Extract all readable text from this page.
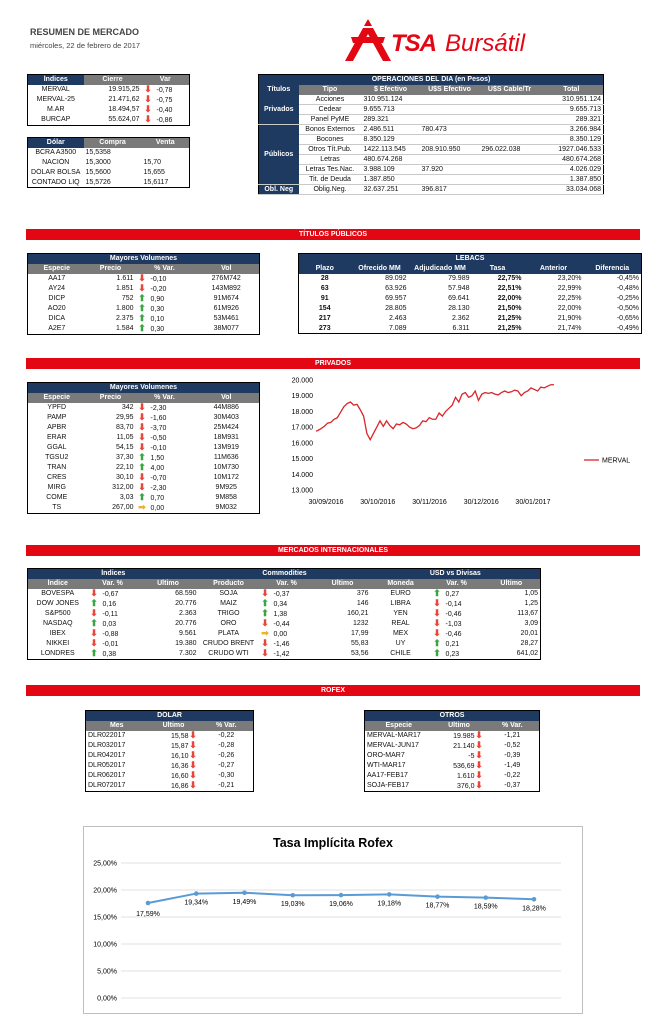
RESUMEN DE MERCADO
miércoles, 22 de febrero de 2017	TSA Bursátil
Índices	Cierre	Var
MERVAL	19.915,25	⬇ -0,78
MERVAL-25	21.471,62	⬇ -0,75
M.AR	18.494,57	⬇ -0,40
BURCAP	55.624,07	⬇ -0,86
Dólar	Compra	Venta
BCRA A3500	15,5358	
NACIÓN	15,3000	15,70
DÓLAR BOLSA	15,5600	15,655
CONTADO LIQ	15,5726	15,6117
OPERACIONES DEL DIA (en Pesos)					
Títulos	Tipo	$ Efectivo	U$S Efectivo	U$S Cable/Tr	Total
Privados	Acciones	310.951.124			310.951.124
	Cedear	9.655.713			9.655.713
	Panel PyME	289.321			289.321
Públicos	Bonos Externos	2.486.511	780.473		3.266.984
	Bocones	8.350.129			8.350.129
	Otros Tít.Pub.	1422.113.545	208.910.950	296.022.038	1927.046.533
	Letras	480.674.268			480.674.268
	Letras Tes.Nac.	3.988.109	37.920		4.026.029
	Tit. de Deuda	1.387.850			1.387.850
Obl. Neg	Oblig.Neg.	32.637.251	396.817		33.034.068
TÍTULOS PÚBLICOS
PRIVADOS
MERCADOS INTERNACIONALES
ROFEX
Mayores Volumenes			
Especie	Precio	% Var.	Vol
AA17	1.611	⬇ -0,10	276M742
AY24	1.851	⬇ -0,20	143M892
DICP	752	⬆ 0,90	91M674
AO20	1.800	⬆ 0,30	61M926
DICA	2.375	⬆ 0,10	53M461
A2E7	1.584	⬆ 0,30	38M077
LEBACS					
Plazo	Ofrecido MM	Adjudicado MM	Tasa	Anterior	Diferencia
28	89.092	79.989	22,75%	23,20%	-0,45%
63	63.926	57.948	22,51%	22,99%	-0,48%
91	69.957	69.641	22,00%	22,25%	-0,25%
154	28.805	28.130	21,50%	22,00%	-0,50%
217	2.463	2.362	21,25%	21,90%	-0,65%
273	7.089	6.311	21,25%	21,74%	-0,49%
Mayores Volumenes			
Especie	Precio	% Var.	Vol
YPFD	342	⬇ -2,30	44M886
PAMP	29,95	⬇ -1,60	30M403
APBR	83,70	⬇ -3,70	25M424
ERAR	11,05	⬇ -0,50	18M931
GGAL	54,15	⬇ -0,10	13M919
TGSU2	37,30	⬆ 1,50	11M636
TRAN	22,10	⬆ 4,00	10M730
CRES	30,10	⬇ -0,70	10M172
MIRG	312,00	⬇ -2,30	9M925
COME	3,03	⬆ 0,70	9M858
TS	267,00	➡ 0,00	9M032
20.000
19.000
18.000
17.000
16.000
15.000
14.000
13.000
30/09/2016 30/10/2016 30/11/2016 30/12/2016 30/01/2017
MERVAL
Índices			Commodities			USD vs Divisas		
Índice	Var. %	Ultimo	Producto	Var. %	Ultimo	Moneda	Var. %	Ultimo
BOVESPA	⬇ -0,67	68.590	SOJA	⬇ -0,37	376	EURO	⬆ 0,27	1,05
DOW JONES	⬆ 0,16	20.776	MAIZ	⬆ 0,34	146	LIBRA	⬇ -0,14	1,25
S&P500	⬇ -0,11	2.363	TRIGO	⬆ 1,38	160,21	YEN	⬇ -0,46	113,67
NASDAQ	⬆ 0,03	20.776	ORO	⬇ -0,44	1232	REAL	⬇ -1,03	3,09
IBEX	⬇ -0,88	9.561	PLATA	➡ 0,00	17,99	MEX	⬇ -0,46	20,01
NIKKEI	⬇ -0,01	19.380	CRUDO BRENT	⬇ -1,46	55,83	UY	⬆ 0,21	28,27
LONDRES	⬆ 0,38	7.302	CRUDO WTI	⬇ -1,42	53,56	CHILE	⬆ 0,23	641,02
DÓLAR		
Mes	Ultimo	% Var.
DLR022017	15,58⬇	-0,22
DLR032017	15,87⬇	-0,28
DLR042017	16,10⬇	-0,26
DLR052017	16,36⬇	-0,27
DLR062017	16,60⬇	-0,30
DLR072017	16,86⬇	-0,21
OTROS		
Especie	Ultimo	% Var.
MERVAL-MAR17	19.985⬇	-1,21
MERVAL-JUN17	21.140⬇	-0,52
ORO-MAR7	-5⬇	-0,39
WTI-MAR17	536,69⬇	-1,49
AA17-FEB17	1.610⬇	-0,22
SOJA-FEB17	376,0⬇	-0,37
Tasa Implícita Rofex
25,00%
20,00%
15,00%
10,00%
5,00%
0,00%
17,59%
19,34%	19,49%	19,03%	19,06%	19,18%	18,77%	18,59%	18,28%
